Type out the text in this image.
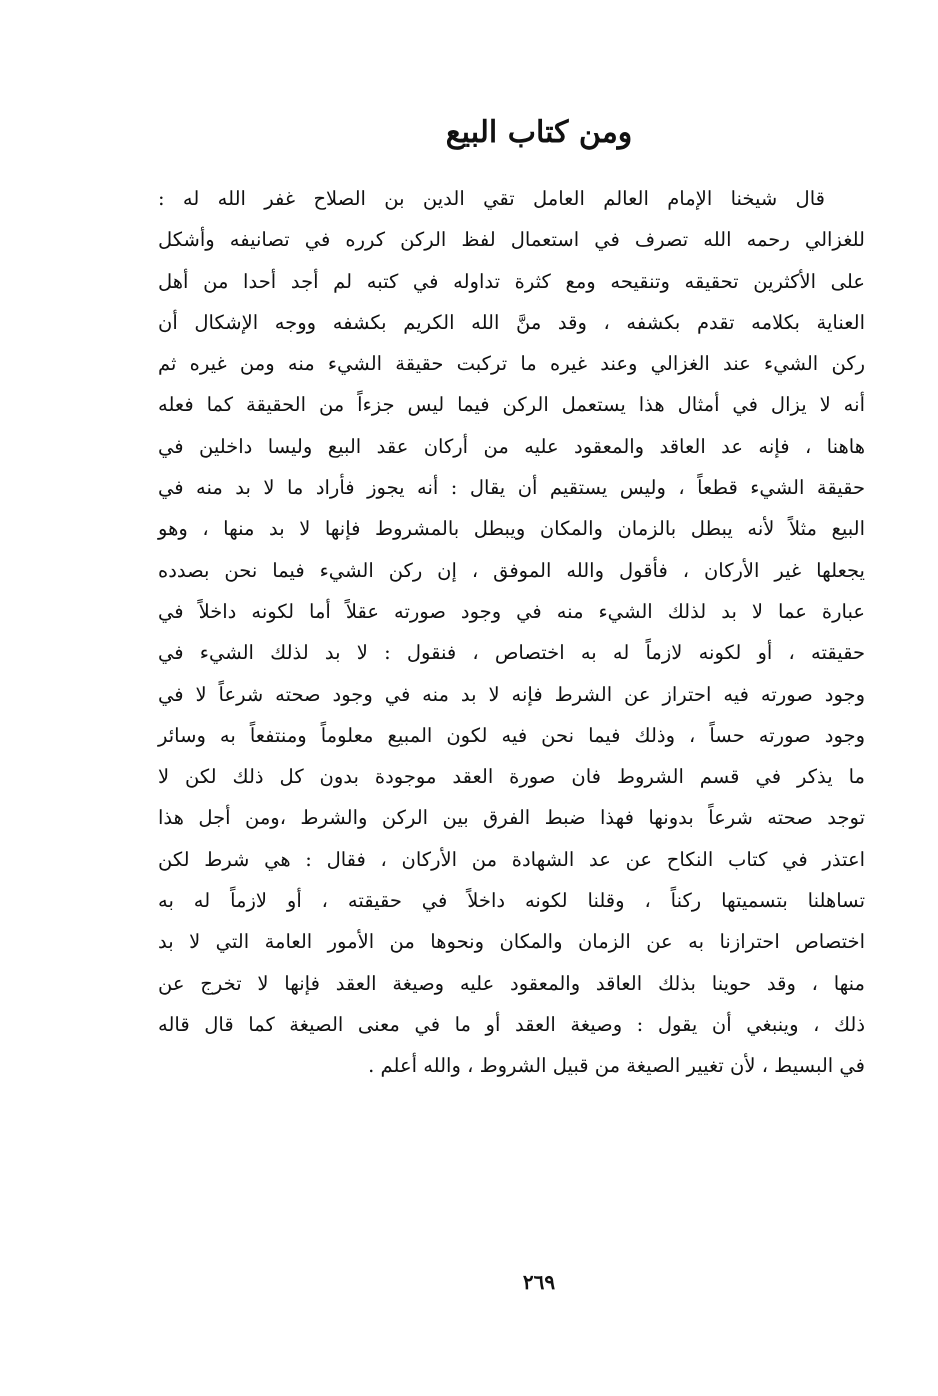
ومن كتاب البيع
قال شيخنا الإمام العالم العامل تقي الدين بن الصلاح غفر الله له :
للغزالي رحمه الله تصرف في استعمال لفظ الركن كرره في تصانيفه وأشكل
على الأكثرين تحقيقه وتنقيحه ومع كثرة تداوله في كتبه لم أجد أحدا من أهل
العناية بكلامه تقدم بكشفه ، وقد منَّ الله الكريم بكشفه ووجه الإشكال أن
ركن الشيء عند الغزالي وعند غيره ما تركبت حقيقة الشيء منه ومن غيره ثم
أنه لا يزال في أمثال هذا يستعمل الركن فيما ليس جزءاً من الحقيقة كما فعله
هاهنا ، فإنه عد العاقد والمعقود عليه من أركان عقد البيع وليسا داخلين في
حقيقة الشيء قطعاً ، وليس يستقيم أن يقال : أنه يجوز فأراد ما لا بد منه في
البيع مثلاً لأنه يبطل بالزمان والمكان ويبطل بالمشروط فإنها لا بد منها ، وهو
يجعلها غير الأركان ، فأقول والله الموفق ، إن ركن الشيء فيما نحن بصدده
عبارة عما لا بد لذلك الشيء منه في وجود صورته عقلاً أما لكونه داخلاً في
حقيقته ، أو لكونه لازماً له به اختصاص ، فنقول : لا بد لذلك الشيء في
وجود صورته فيه احتراز عن الشرط فإنه لا بد منه في وجود صحته شرعاً لا في
وجود صورته حساً ، وذلك فيما نحن فيه لكون المبيع معلوماً ومنتفعاً به وسائر
ما يذكر في قسم الشروط فان صورة العقد موجودة بدون كل ذلك لكن لا
توجد صحته شرعاً بدونها فهذا ضبط الفرق بين الركن والشرط ،ومن أجل هذا
اعتذر في كتاب النكاح عن عد الشهادة من الأركان ، فقال : هي شرط لكن
تساهلنا بتسميتها ركناً ، وقلنا لكونه داخلاً في حقيقته ، أو لازماً له به
اختصاص احترازنا به عن الزمان والمكان ونحوها من الأمور العامة التي لا بد
منها ، وقد حوينا بذلك العاقد والمعقود عليه وصيغة العقد فإنها لا تخرج عن
ذلك ، وينبغي أن يقول : وصيغة العقد أو ما في معنى الصيغة كما قال قاله
في البسيط ، لأن تغيير الصيغة من قبيل الشروط ، والله أعلم .
٢٦٩
